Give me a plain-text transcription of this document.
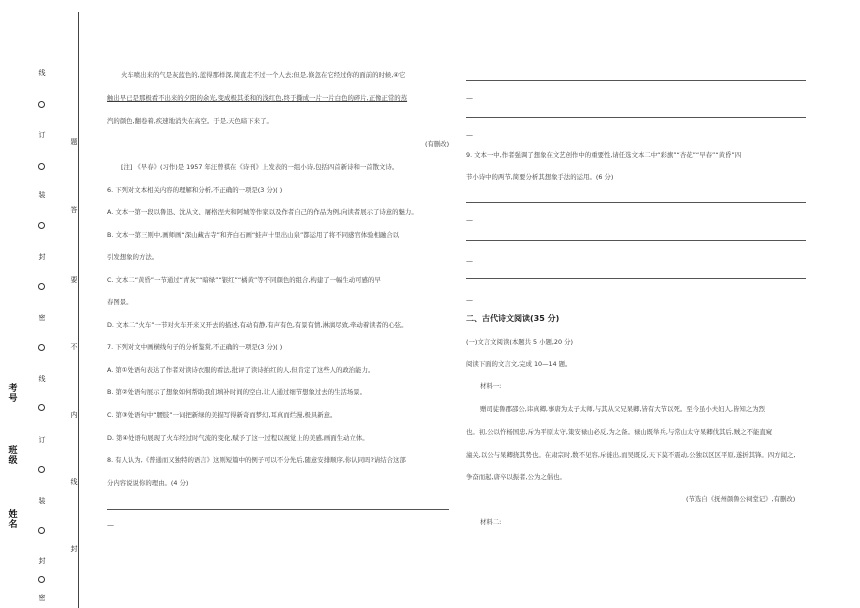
线
订
装
封
密
线
订
装
封
密
题
答
要
不
内
线
封
考号
班级
姓名
火车喷出来的气是灰蓝色的,蓝得那样深,简直走不过一个人去;但是,倏忽在它经过你的面前的时候,④它
触出早已是那极看不出来的夕阳的余光,变成极其柔和的浅红色,终于撕成一片一片白色的碎片,正像正常的蒸
汽的颜色,翻卷着,疾速地消失在高空。于是,天色暗下来了。
(有删改)
[注] 《早春》(习作)是 1957 年汪曾祺在《诗刊》上发表的一组小诗,包括四首新诗和一首散文诗。
6. 下列对文本相关内容的理解和分析,不正确的一项是(3 分)( )
A. 文本一第一段以鲁迅、沈从文、屠格涅夫和阿城等作家以及作者自己的作品为例,向读者展示了诗意的魅力。
B. 文本一第三则中,画师画“深山藏古寺”和齐白石画“蛙声十里出山泉”都运用了将不同感官体验相融合以
引发想象的方法。
C. 文本二“黄昏”一节通过“青灰”“暗绿”“银红”“橘黄”等不同颜色的组合,构建了一幅生动可感的早
春图景。
D. 文本二“火车”一节对火车开来又开去的描述,有动有静,有声有色,有景有情,淋漓尽致,牵动着读者的心弦。
7. 下列对文中画横线句子的分析鉴赏,不正确的一项是(3 分)( )
A. 第①处语句表达了作者对读诗衣服的看法,批评了读诗拍红的人,但肯定了这些人的政治能力。
B. 第②处语句展示了想象如何帮助我们填补时间的空白,让人通过细节想象过去的生活场景。
C. 第③处语句中“腰肢”一词把新绿的美描写得新奇而梦幻,耳真而烂漫,极具新意。
D. 第④处语句展现了火车经过时气流的变化,赋予了这一过程以视觉上的美感,画面生动立体。
8. 有人认为,《普通而又独特的语言》这则短篇中的例子可以不分先后,随意安排顺序,你认同吗?请结合这部
分内容说说你的理由。(4 分)
—
—
—
9. 文本一中,作者强调了想象在文艺创作中的重要性,请任选文本二中“彩旗”“杏花”“早春”“黄昏”四
节小诗中的两节,简要分析其想象手法的运用。(6 分)
—
—
—
二、古代诗文阅读(35 分)
(一)文言文阅读(本题共 5 小题,20 分)
阅读下面的文言文,完成 10—14 题。
材料一:
赠司徒鲁郡邵公,讳真卿,事唐为太子太师,与其从父兄杲卿,皆有大节以死。至今虽小夫妇人,皆知之为烈
也。初,公以忤杨国忠,斥为平原太守,策安禄山必反,为之备。禄山既举兵,与常山太守杲卿伐其后,贼之不能直窥
潼关,以公与杲卿挠其势也。在肃宗时,数不见容,斥徙出,而吴既反,天下莫不震动,公独以区区平原,遂折其锋。四方闻之,
争奋而起,唐卒以振者,公为之倡也。
(节选自《抚州颜鲁公祠堂记》,有删改)
材料二:
